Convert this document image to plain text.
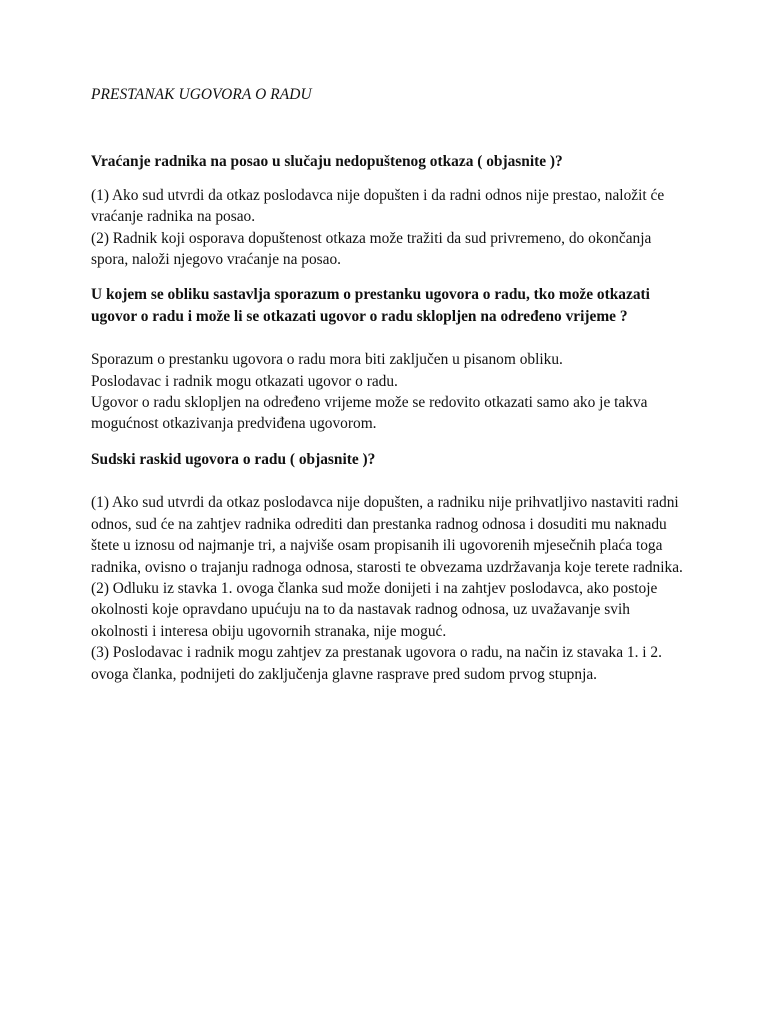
PRESTANAK UGOVORA O RADU

Vraćanje radnika na posao u slučaju nedopuštenog otkaza ( objasnite )?

(1) Ako sud utvrdi da otkaz poslodavca nije dopušten i da radni odnos nije prestao, naložit će vraćanje radnika na posao.

(2) Radnik koji osporava dopuštenost otkaza može tražiti da sud privremeno, do okončanja spora, naloži njegovo vraćanje na posao.

U kojem se obliku sastavlja sporazum o prestanku ugovora o radu, tko može otkazati ugovor o radu i može li se otkazati ugovor o radu sklopljen na određeno vrijeme ?

Sporazum o prestanku ugovora o radu mora biti zaključen u pisanom obliku.

Poslodavac i radnik mogu otkazati ugovor o radu.

Ugovor o radu sklopljen na određeno vrijeme može se redovito otkazati samo ako je takva mogućnost otkazivanja predviđena ugovorom.

Sudski raskid ugovora o radu ( objasnite )?

(1) Ako sud utvrdi da otkaz poslodavca nije dopušten, a radniku nije prihvatljivo nastaviti radni odnos, sud će na zahtjev radnika odrediti dan prestanka radnog odnosa i dosuditi mu naknadu štete u iznosu od najmanje tri, a najviše osam propisanih ili ugovorenih mjesečnih plaća toga radnika, ovisno o trajanju radnoga odnosa, starosti te obvezama uzdržavanja koje terete radnika.

(2) Odluku iz stavka 1. ovoga članka sud može donijeti i na zahtjev poslodavca, ako postoje okolnosti koje opravdano upućuju na to da nastavak radnog odnosa, uz uvažavanje svih okolnosti i interesa obiju ugovornih stranaka, nije moguć.

(3) Poslodavac i radnik mogu zahtjev za prestanak ugovora o radu, na način iz stavaka 1. i 2. ovoga članka, podnijeti do zaključenja glavne rasprave pred sudom prvog stupnja.
